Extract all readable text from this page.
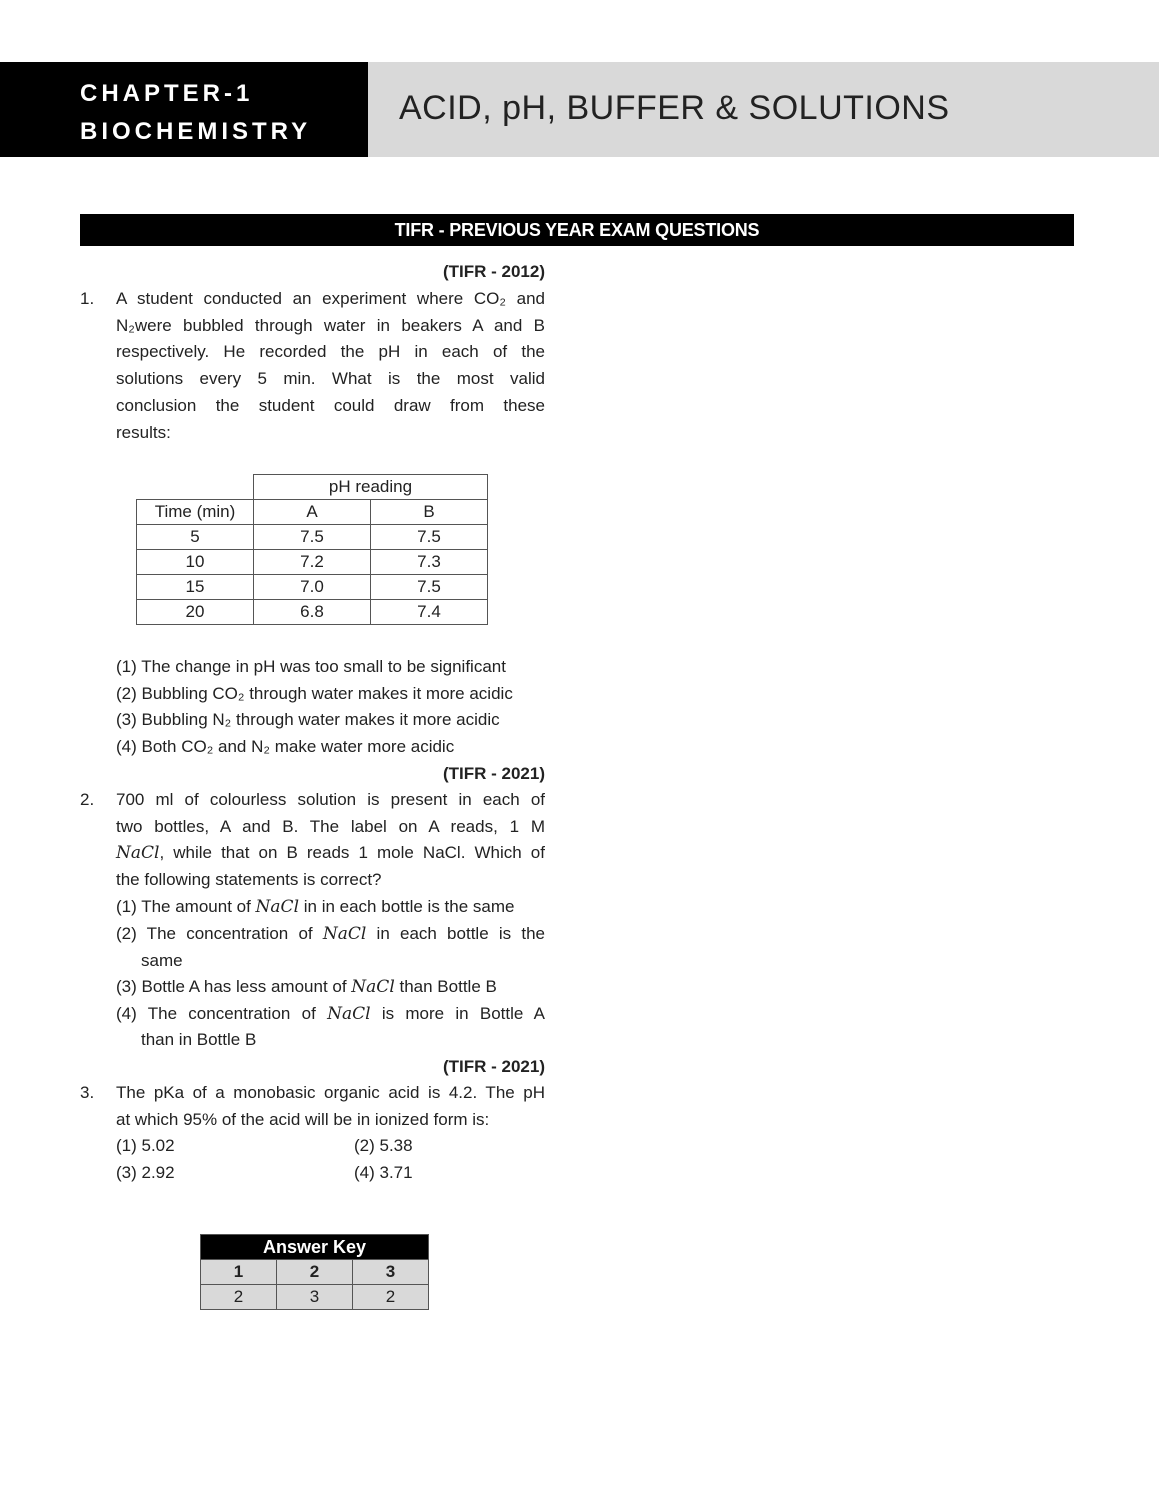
CHAPTER-1
BIOCHEMISTRY
ACID, pH, BUFFER & SOLUTIONS
TIFR - PREVIOUS YEAR EXAM QUESTIONS
(TIFR - 2012)
1. A student conducted an experiment where CO₂ and
N₂were bubbled through water in beakers A and B
respectively. He recorded the pH in each of the
solutions every 5 min. What is the most valid
conclusion the student could draw from these
results:
	pH reading	
Time (min)	A	B
5	7.5	7.5
10	7.2	7.3
15	7.0	7.5
20	6.8	7.4
(1) The change in pH was too small to be significant
(2) Bubbling CO₂ through water makes it more acidic
(3) Bubbling N₂ through water makes it more acidic
(4) Both CO₂ and N₂ make water more acidic
(TIFR - 2021)
2. 700 ml of colourless solution is present in each of
two bottles, A and B. The label on A reads, 1 M
NaCl, while that on B reads 1 mole NaCl. Which of
the following statements is correct?
(1) The amount of NaCl in in each bottle is the same
(2) The concentration of NaCl in each bottle is the
same
(3) Bottle A has less amount of NaCl than Bottle B
(4) The concentration of NaCl is more in Bottle A
than in Bottle B
(TIFR - 2021)
3. The pKa of a monobasic organic acid is 4.2. The pH
at which 95% of the acid will be in ionized form is:
(1) 5.02	(2) 5.38
(3) 2.92	(4) 3.71
Answer Key		
1	2	3
2	3	2
